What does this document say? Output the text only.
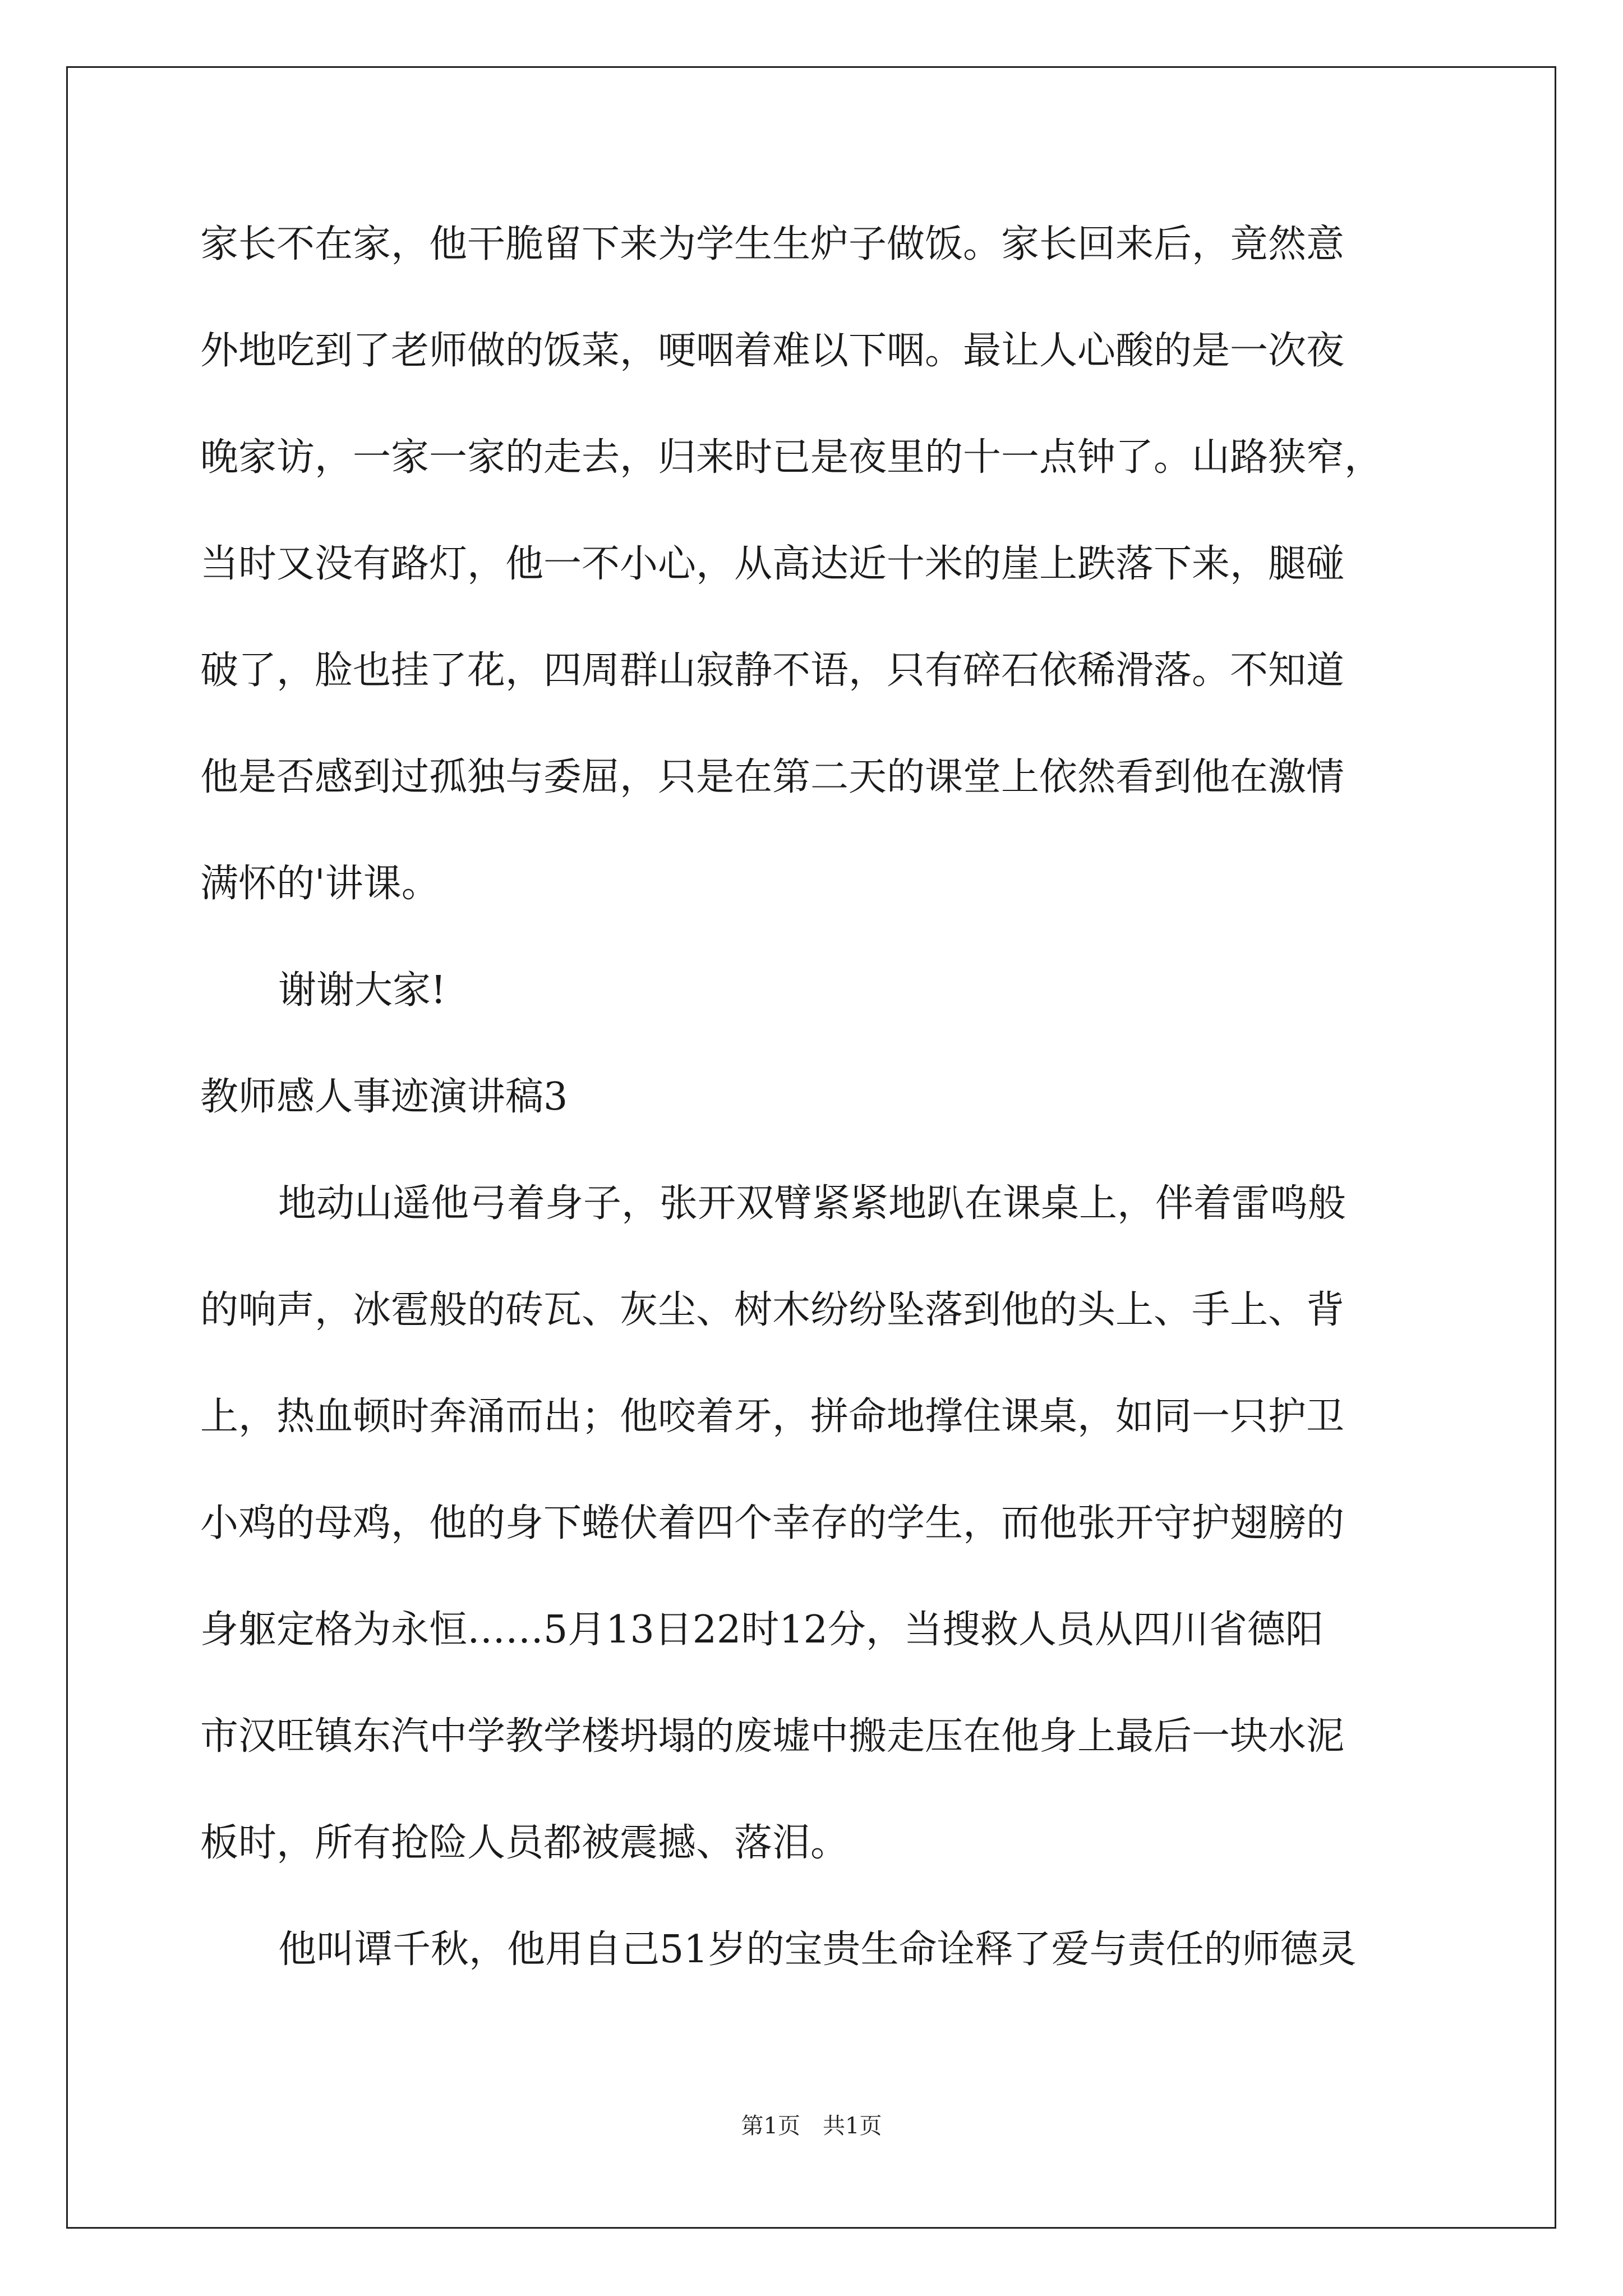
家长不在家，他干脆留下来为学生生炉子做饭。家长回来后，竟然意
外地吃到了老师做的饭菜，哽咽着难以下咽。最让人心酸的是一次夜
晚家访，一家一家的走去，归来时已是夜里的十一点钟了。山路狭窄，
当时又没有路灯，他一不小心，从高达近十米的崖上跌落下来，腿碰
破了，脸也挂了花，四周群山寂静不语，只有碎石依稀滑落。不知道
他是否感到过孤独与委屈，只是在第二天的课堂上依然看到他在激情
满怀的'讲课。
谢谢大家!
教师感人事迹演讲稿3
地动山遥他弓着身子，张开双臂紧紧地趴在课桌上，伴着雷鸣般
的响声，冰雹般的砖瓦、灰尘、树木纷纷坠落到他的头上、手上、背
上，热血顿时奔涌而出；他咬着牙，拼命地撑住课桌，如同一只护卫
小鸡的母鸡，他的身下蜷伏着四个幸存的学生，而他张开守护翅膀的
身躯定格为永恒……5月13日22时12分，当搜救人员从四川省德阳
市汉旺镇东汽中学教学楼坍塌的废墟中搬走压在他身上最后一块水泥
板时，所有抢险人员都被震撼、落泪。
他叫谭千秋，他用自己51岁的宝贵生命诠释了爱与责任的师德灵
第1页 共1页
